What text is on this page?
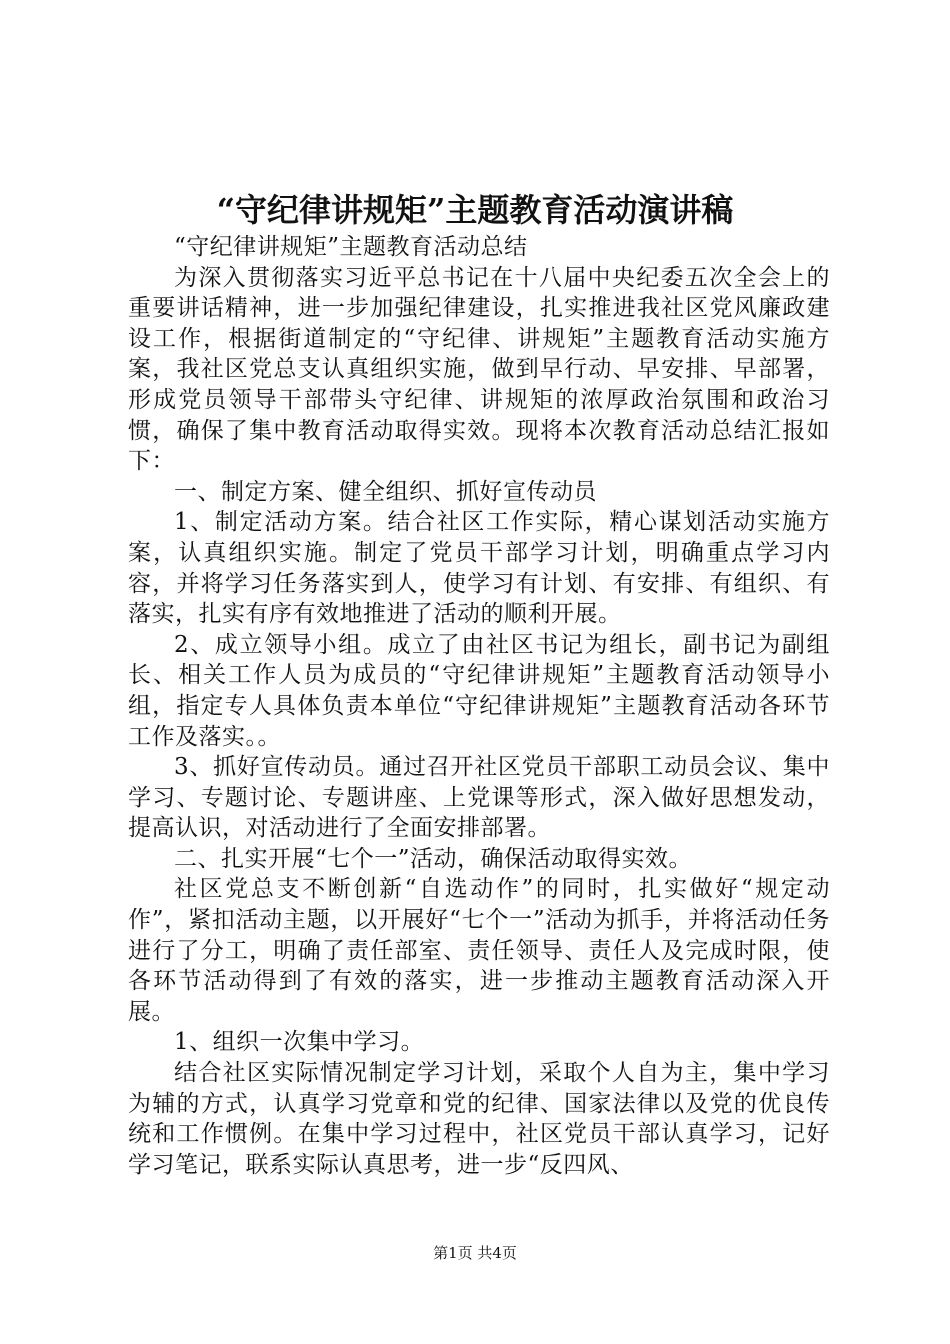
“守纪律讲规矩”主题教育活动演讲稿

“守纪律讲规矩”主题教育活动总结

为深入贯彻落实习近平总书记在十八届中央纪委五次全会上的重要讲话精神，进一步加强纪律建设，扎实推进我社区党风廉政建设工作，根据街道制定的“守纪律、讲规矩”主题教育活动实施方案，我社区党总支认真组织实施，做到早行动、早安排、早部署，形成党员领导干部带头守纪律、讲规矩的浓厚政治氛围和政治习惯，确保了集中教育活动取得实效。现将本次教育活动总结汇报如下：

一、制定方案、健全组织、抓好宣传动员

1、制定活动方案。结合社区工作实际，精心谋划活动实施方案，认真组织实施。制定了党员干部学习计划，明确重点学习内容，并将学习任务落实到人，使学习有计划、有安排、有组织、有落实，扎实有序有效地推进了活动的顺利开展。

2、成立领导小组。成立了由社区书记为组长，副书记为副组长、相关工作人员为成员的“守纪律讲规矩”主题教育活动领导小组，指定专人具体负责本单位“守纪律讲规矩”主题教育活动各环节工作及落实。。

3、抓好宣传动员。通过召开社区党员干部职工动员会议、集中学习、专题讨论、专题讲座、上党课等形式，深入做好思想发动，提高认识，对活动进行了全面安排部署。

二、扎实开展“七个一”活动，确保活动取得实效。

社区党总支不断创新“自选动作”的同时，扎实做好“规定动作”，紧扣活动主题，以开展好“七个一”活动为抓手，并将活动任务进行了分工，明确了责任部室、责任领导、责任人及完成时限，使各环节活动得到了有效的落实，进一步推动主题教育活动深入开展。

1、组织一次集中学习。

结合社区实际情况制定学习计划，采取个人自为主，集中学习为辅的方式，认真学习党章和党的纪律、国家法律以及党的优良传统和工作惯例。在集中学习过程中，社区党员干部认真学习，记好学习笔记，联系实际认真思考，进一步“反四风、

第1页 共4页
